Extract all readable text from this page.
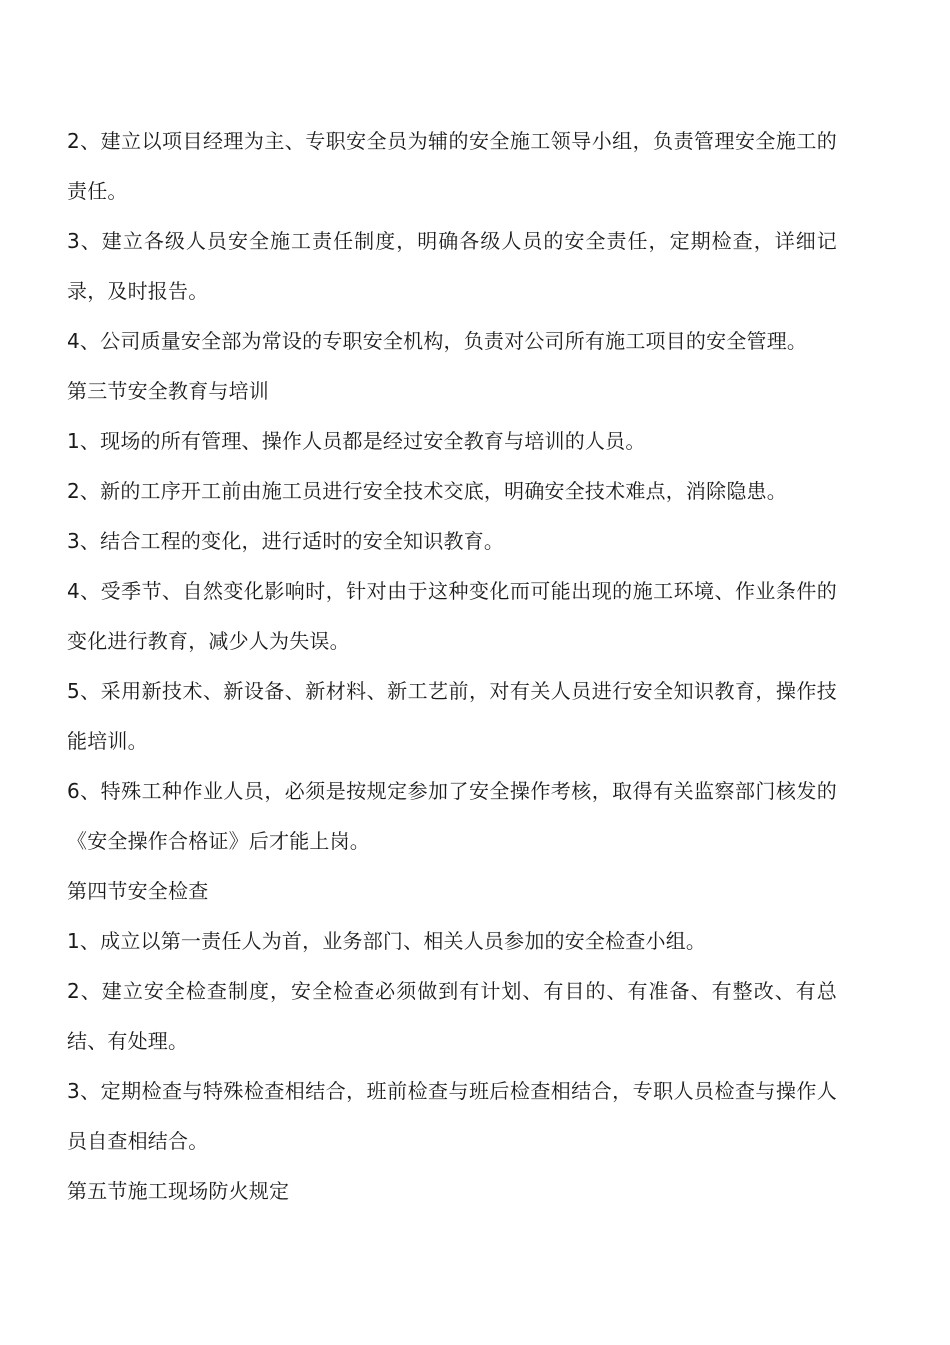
2、建立以项目经理为主、专职安全员为辅的安全施工领导小组，负责管理安全施工的责任。

3、建立各级人员安全施工责任制度，明确各级人员的安全责任，定期检查，详细记录，及时报告。

4、公司质量安全部为常设的专职安全机构，负责对公司所有施工项目的安全管理。

第三节安全教育与培训

1、现场的所有管理、操作人员都是经过安全教育与培训的人员。

2、新的工序开工前由施工员进行安全技术交底，明确安全技术难点，消除隐患。

3、结合工程的变化，进行适时的安全知识教育。

4、受季节、自然变化影响时，针对由于这种变化而可能出现的施工环境、作业条件的变化进行教育，减少人为失误。

5、采用新技术、新设备、新材料、新工艺前，对有关人员进行安全知识教育，操作技能培训。

6、特殊工种作业人员，必须是按规定参加了安全操作考核，取得有关监察部门核发的《安全操作合格证》后才能上岗。

第四节安全检查

1、成立以第一责任人为首，业务部门、相关人员参加的安全检查小组。

2、建立安全检查制度，安全检查必须做到有计划、有目的、有准备、有整改、有总结、有处理。

3、定期检查与特殊检查相结合，班前检查与班后检查相结合，专职人员检查与操作人员自查相结合。

第五节施工现场防火规定
